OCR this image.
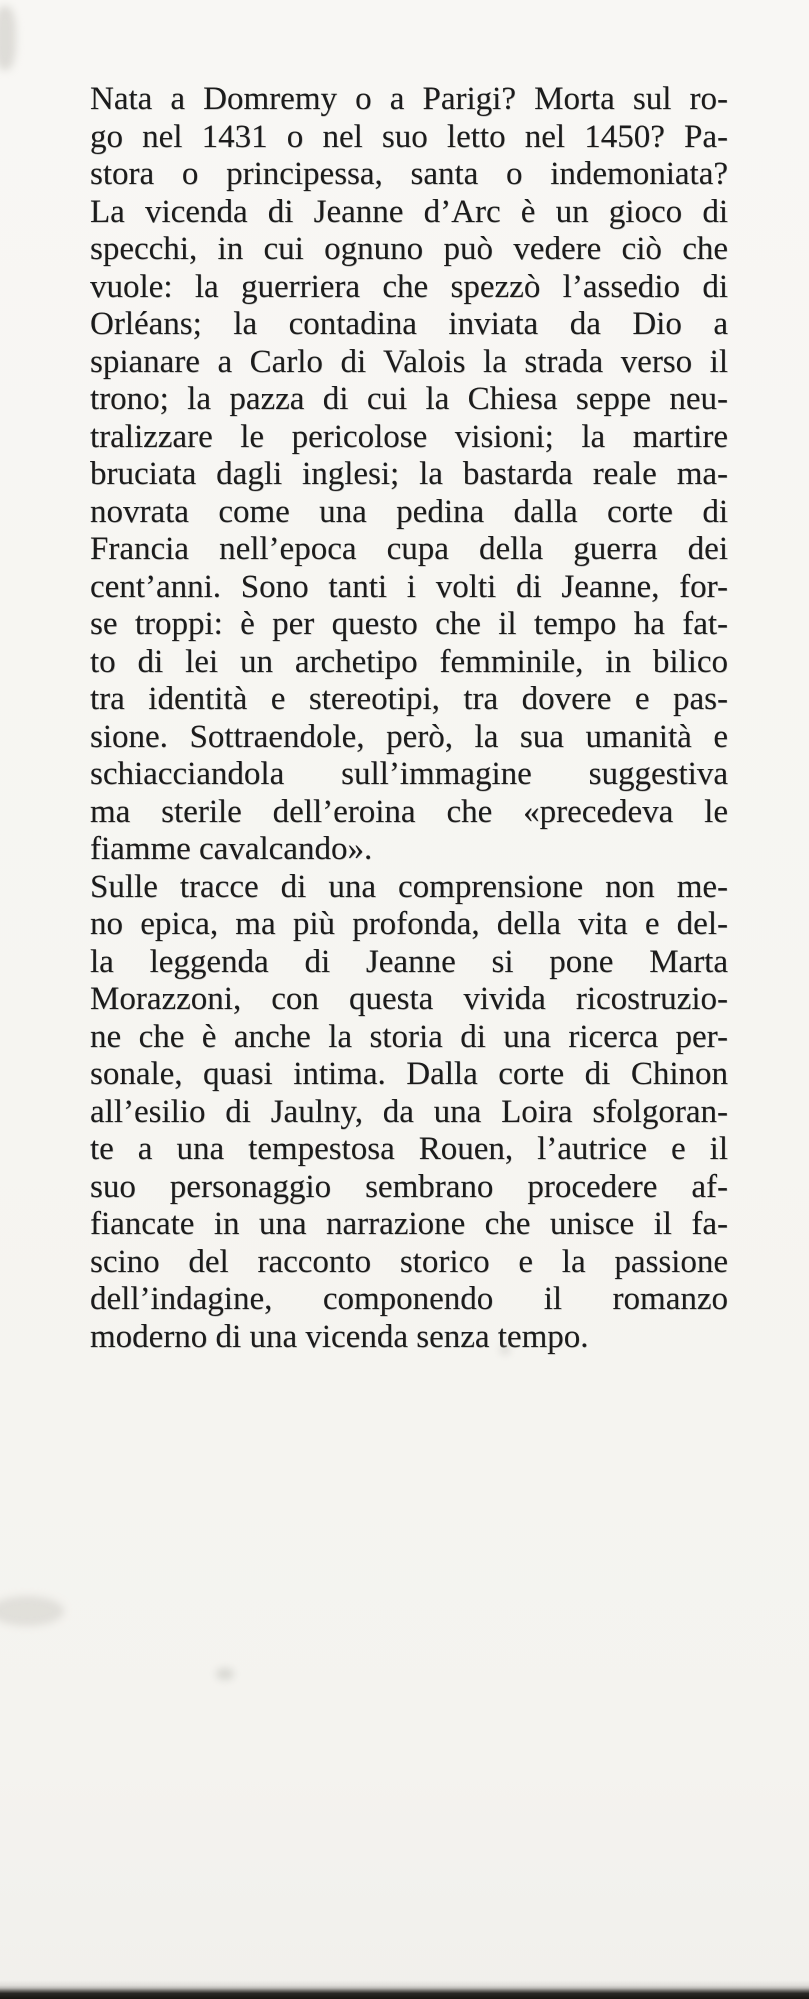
Nata a Domremy o a Parigi? Morta sul ro-
go nel 1431 o nel suo letto nel 1450? Pa-
stora o principessa, santa o indemoniata?
La vicenda di Jeanne d’Arc è un gioco di
specchi, in cui ognuno può vedere ciò che
vuole: la guerriera che spezzò l’assedio di
Orléans; la contadina inviata da Dio a
spianare a Carlo di Valois la strada verso il
trono; la pazza di cui la Chiesa seppe neu-
tralizzare le pericolose visioni; la martire
bruciata dagli inglesi; la bastarda reale ma-
novrata come una pedina dalla corte di
Francia nell’epoca cupa della guerra dei
cent’anni. Sono tanti i volti di Jeanne, for-
se troppi: è per questo che il tempo ha fat-
to di lei un archetipo femminile, in bilico
tra identità e stereotipi, tra dovere e pas-
sione. Sottraendole, però, la sua umanità e
schiacciandola sull’immagine suggestiva
ma sterile dell’eroina che «precedeva le
fiamme cavalcando».

Sulle tracce di una comprensione non me-
no epica, ma più profonda, della vita e del-
la leggenda di Jeanne si pone Marta
Morazzoni, con questa vivida ricostruzio-
ne che è anche la storia di una ricerca per-
sonale, quasi intima. Dalla corte di Chinon
all’esilio di Jaulny, da una Loira sfolgoran-
te a una tempestosa Rouen, l’autrice e il
suo personaggio sembrano procedere af-
fiancate in una narrazione che unisce il fa-
scino del racconto storico e la passione
dell’indagine, componendo il romanzo
moderno di una vicenda senza tempo.
